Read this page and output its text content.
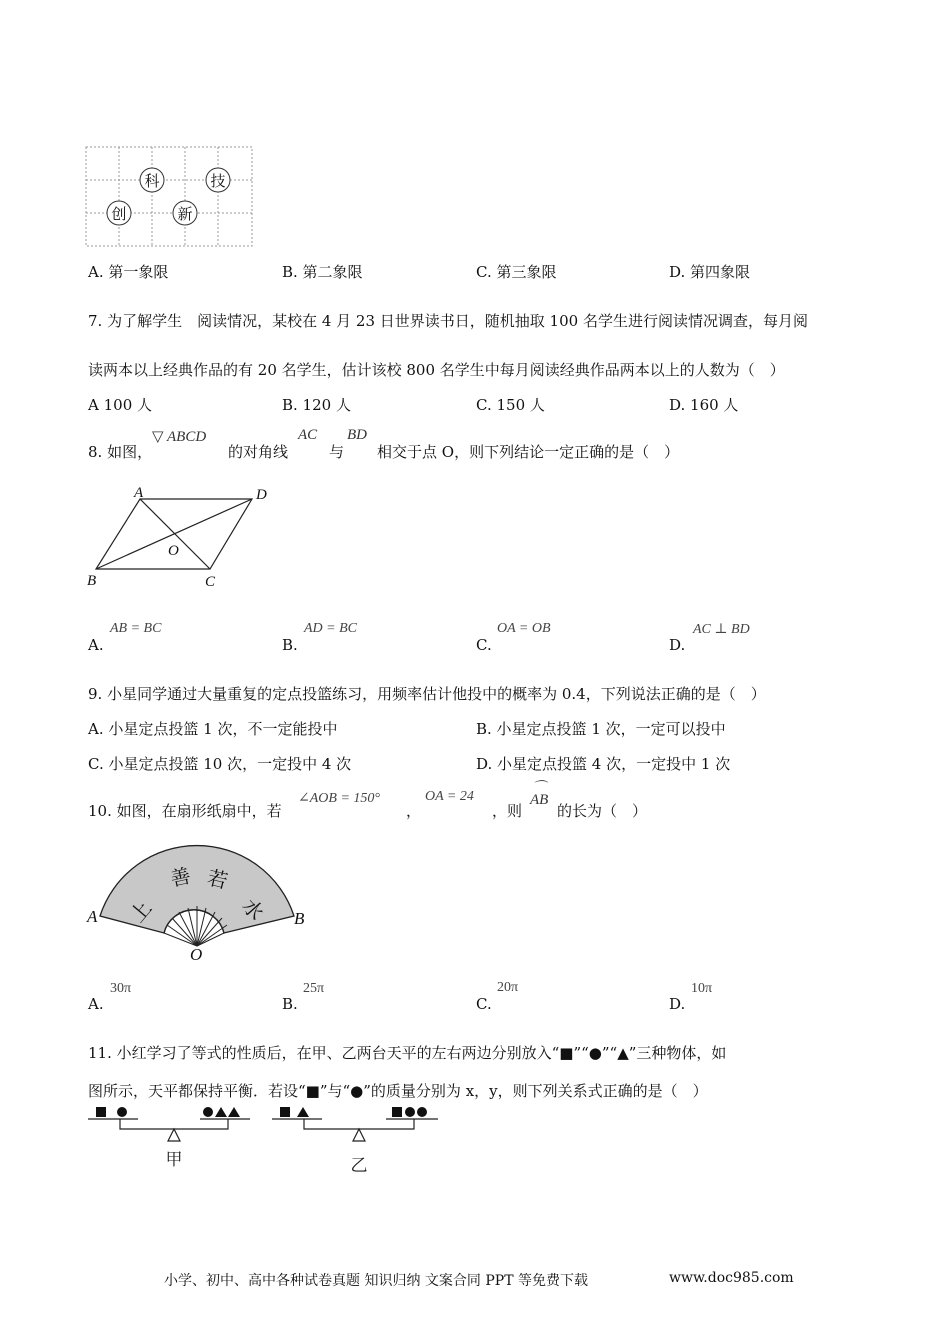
科	技
创	新
A. 第一象限	B. 第二象限	C. 第三象限	D. 第四象限
7. 为了解学生　阅读情况，某校在 4 月 23 日世界读书日，随机抽取 100 名学生进行阅读情况调查，每月阅
读两本以上经典作品的有 20 名学生，估计该校 800 名学生中每月阅读经典作品两本以上的人数为（　）
A 100 人	B. 120 人	C. 150 人	D. 160 人
8. 如图，
▽ ABCD
的对角线
AC
与
BD
相交于点 O，则下列结论一定正确的是（　）
A	D
B	C
O
A.
AB = BC
B.
AD = BC
C.
OA = OB
D.
AC ⊥ BD
9. 小星同学通过大量重复的定点投篮练习，用频率估计他投中的概率为 0.4，下列说法正确的是（　）
A. 小星定点投篮 1 次，不一定能投中	B. 小星定点投篮 1 次，一定可以投中
C. 小星定点投篮 10 次，一定投中 4 次	D. 小星定点投篮 4 次，一定投中 1 次
10. 如图，在扇形纸扇中，若
∠AOB = 150°
，
OA = 24
，则
⌒
AB
的长为（　）
上
善 若
水
A	B
O
A.
30π
B.
25π
C.
20π
D.
10π
11. 小红学习了等式的性质后，在甲、乙两台天平的左右两边分别放入“■”“●”“▲”三种物体，如
图所示，天平都保持平衡．若设“■”与“●”的质量分别为 x，y，则下列关系式正确的是（　）
甲	乙
小学、初中、高中各种试卷真题 知识归纳 文案合同 PPT 等免费下载	www.doc985.com
